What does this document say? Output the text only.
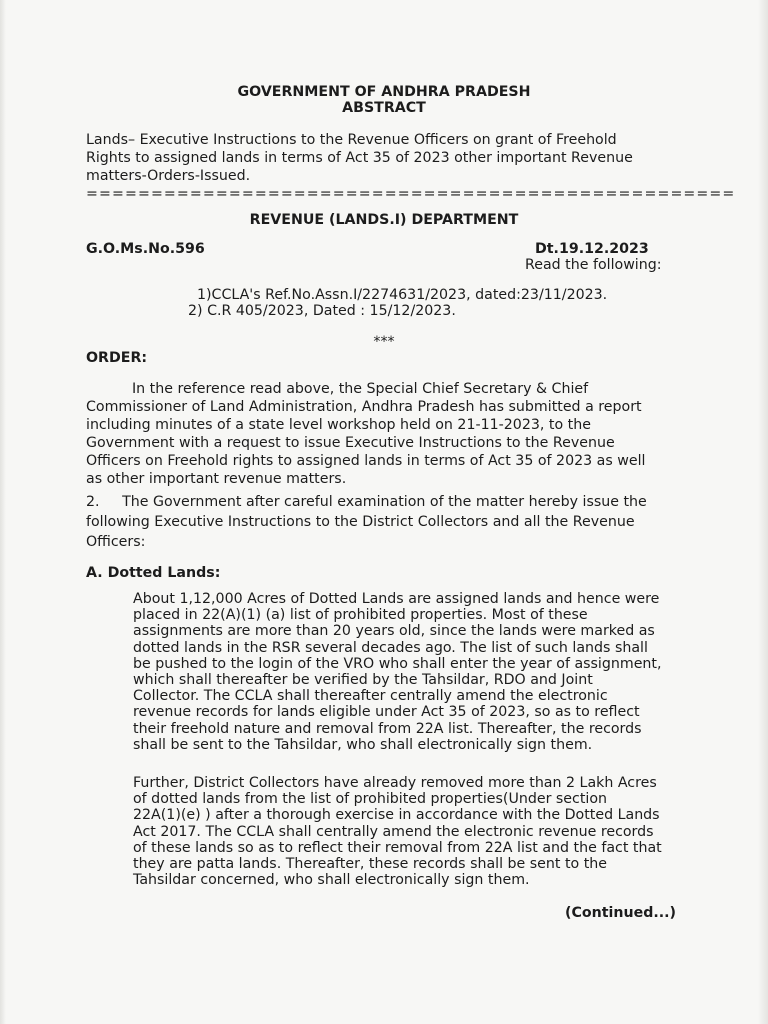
GOVERNMENT OF ANDHRA PRADESH
ABSTRACT
Lands– Executive Instructions to the Revenue Officers on grant of Freehold
Rights to assigned lands in terms of Act 35 of 2023 other important Revenue
matters-Orders-Issued.
==================================================
REVENUE (LANDS.I) DEPARTMENT
G.O.Ms.No.596	Dt.19.12.2023
Read the following:
1)CCLA's Ref.No.Assn.I/2274631/2023, dated:23/11/2023.
2) C.R 405/2023, Dated : 15/12/2023.
***
ORDER:
In the reference read above, the Special Chief Secretary & Chief
Commissioner of Land Administration, Andhra Pradesh has submitted a report
including minutes of a state level workshop held on 21-11-2023, to the
Government with a request to issue Executive Instructions to the Revenue
Officers on Freehold rights to assigned lands in terms of Act 35 of 2023 as well
as other important revenue matters.
2.     The Government after careful examination of the matter hereby issue the
following Executive Instructions to the District Collectors and all the Revenue
Officers:
A. Dotted Lands:
About 1,12,000 Acres of Dotted Lands are assigned lands and hence were
placed in 22(A)(1) (a) list of prohibited properties. Most of these
assignments are more than 20 years old, since the lands were marked as
dotted lands in the RSR several decades ago. The list of such lands shall
be pushed to the login of the VRO who shall enter the year of assignment,
which shall thereafter be verified by the Tahsildar, RDO and Joint
Collector. The CCLA shall thereafter centrally amend the electronic
revenue records for lands eligible under Act 35 of 2023, so as to reflect
their freehold nature and removal from 22A list. Thereafter, the records
shall be sent to the Tahsildar, who shall electronically sign them.
Further, District Collectors have already removed more than 2 Lakh Acres
of dotted lands from the list of prohibited properties(Under section
22A(1)(e) ) after a thorough exercise in accordance with the Dotted Lands
Act 2017. The CCLA shall centrally amend the electronic revenue records
of these lands so as to reflect their removal from 22A list and the fact that
they are patta lands. Thereafter, these records shall be sent to the
Tahsildar concerned, who shall electronically sign them.
(Continued...)
